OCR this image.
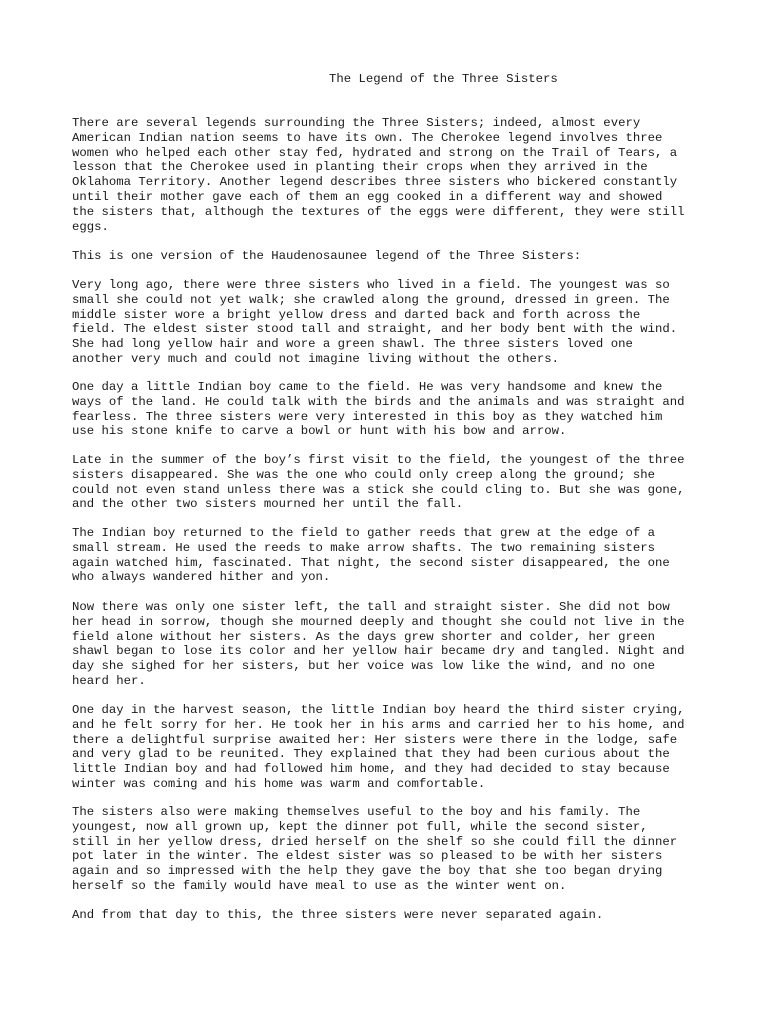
The Legend of the Three Sisters
There are several legends surrounding the Three Sisters; indeed, almost every
American Indian nation seems to have its own. The Cherokee legend involves three
women who helped each other stay fed, hydrated and strong on the Trail of Tears, a
lesson that the Cherokee used in planting their crops when they arrived in the
Oklahoma Territory. Another legend describes three sisters who bickered constantly
until their mother gave each of them an egg cooked in a different way and showed
the sisters that, although the textures of the eggs were different, they were still
eggs.
This is one version of the Haudenosaunee legend of the Three Sisters:
Very long ago, there were three sisters who lived in a field. The youngest was so
small she could not yet walk; she crawled along the ground, dressed in green. The
middle sister wore a bright yellow dress and darted back and forth across the
field. The eldest sister stood tall and straight, and her body bent with the wind.
She had long yellow hair and wore a green shawl. The three sisters loved one
another very much and could not imagine living without the others.
One day a little Indian boy came to the field. He was very handsome and knew the
ways of the land. He could talk with the birds and the animals and was straight and
fearless. The three sisters were very interested in this boy as they watched him
use his stone knife to carve a bowl or hunt with his bow and arrow.
Late in the summer of the boy’s first visit to the field, the youngest of the three
sisters disappeared. She was the one who could only creep along the ground; she
could not even stand unless there was a stick she could cling to. But she was gone,
and the other two sisters mourned her until the fall.
The Indian boy returned to the field to gather reeds that grew at the edge of a
small stream. He used the reeds to make arrow shafts. The two remaining sisters
again watched him, fascinated. That night, the second sister disappeared, the one
who always wandered hither and yon.
Now there was only one sister left, the tall and straight sister. She did not bow
her head in sorrow, though she mourned deeply and thought she could not live in the
field alone without her sisters. As the days grew shorter and colder, her green
shawl began to lose its color and her yellow hair became dry and tangled. Night and
day she sighed for her sisters, but her voice was low like the wind, and no one
heard her.
One day in the harvest season, the little Indian boy heard the third sister crying,
and he felt sorry for her. He took her in his arms and carried her to his home, and
there a delightful surprise awaited her: Her sisters were there in the lodge, safe
and very glad to be reunited. They explained that they had been curious about the
little Indian boy and had followed him home, and they had decided to stay because
winter was coming and his home was warm and comfortable.
The sisters also were making themselves useful to the boy and his family. The
youngest, now all grown up, kept the dinner pot full, while the second sister,
still in her yellow dress, dried herself on the shelf so she could fill the dinner
pot later in the winter. The eldest sister was so pleased to be with her sisters
again and so impressed with the help they gave the boy that she too began drying
herself so the family would have meal to use as the winter went on.
And from that day to this, the three sisters were never separated again.
